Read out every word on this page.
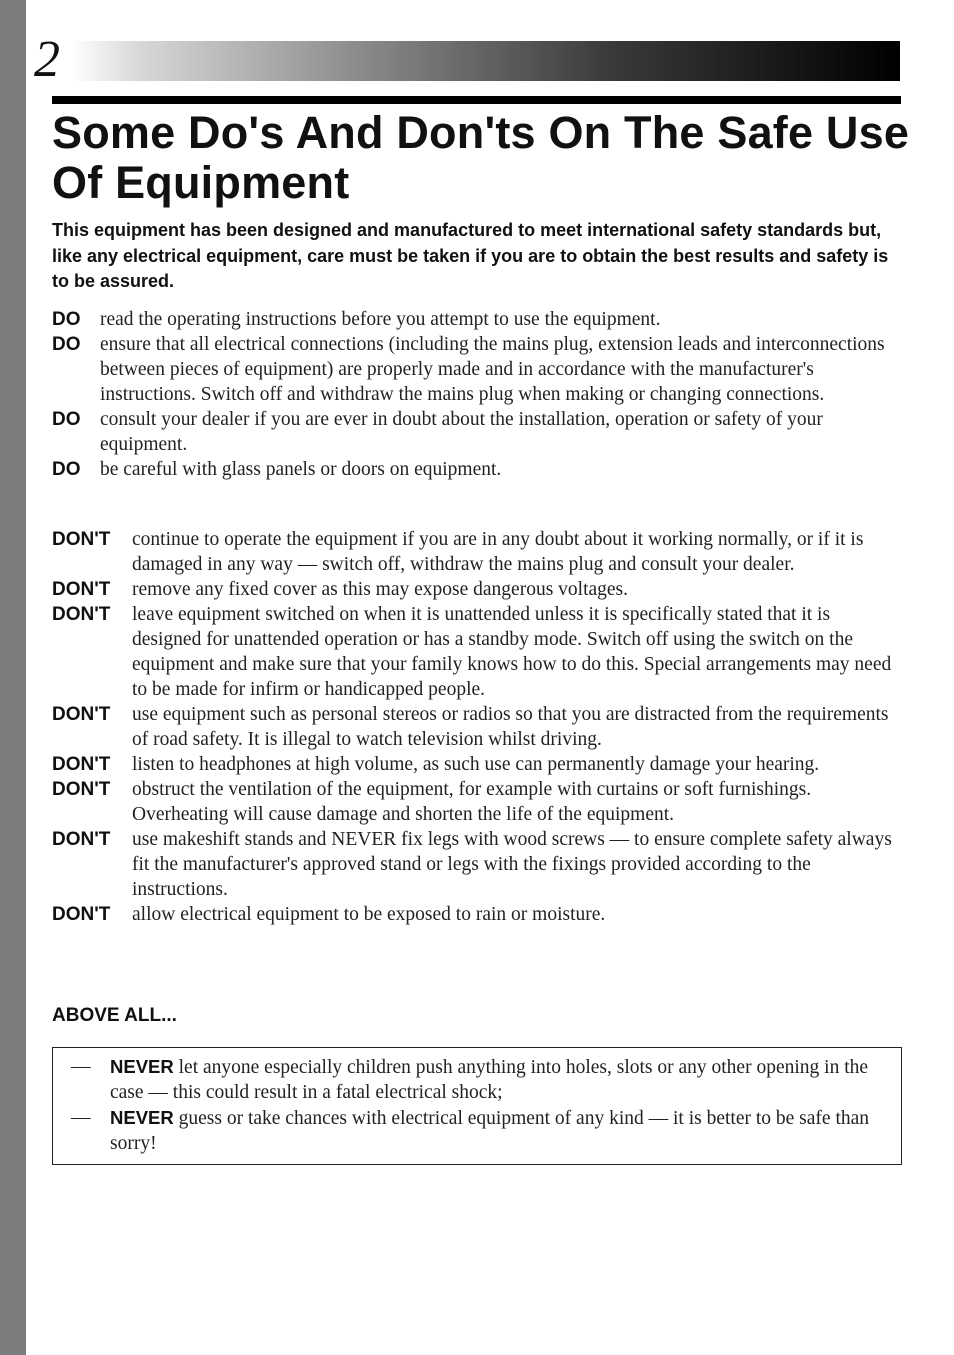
2
Some Do's And Don'ts On The Safe Use Of Equipment

This equipment has been designed and manufactured to meet international safety standards but, like any electrical equipment, care must be taken if you are to obtain the best results and safety is to be assured.

DO read the operating instructions before you attempt to use the equipment.
DO ensure that all electrical connections (including the mains plug, extension leads and interconnections between pieces of equipment) are properly made and in accordance with the manufacturer's instructions. Switch off and withdraw the mains plug when making or changing connections.
DO consult your dealer if you are ever in doubt about the installation, operation or safety of your equipment.
DO be careful with glass panels or doors on equipment.
DON'T continue to operate the equipment if you are in any doubt about it working normally, or if it is damaged in any way — switch off, withdraw the mains plug and consult your dealer.
DON'T remove any fixed cover as this may expose dangerous voltages.
DON'T leave equipment switched on when it is unattended unless it is specifically stated that it is designed for unattended operation or has a standby mode. Switch off using the switch on the equipment and make sure that your family knows how to do this. Special arrangements may need to be made for infirm or handicapped people.
DON'T use equipment such as personal stereos or radios so that you are distracted from the requirements of road safety. It is illegal to watch television whilst driving.
DON'T listen to headphones at high volume, as such use can permanently damage your hearing.
DON'T obstruct the ventilation of the equipment, for example with curtains or soft furnishings. Overheating will cause damage and shorten the life of the equipment.
DON'T use makeshift stands and NEVER fix legs with wood screws — to ensure complete safety always fit the manufacturer's approved stand or legs with the fixings provided according to the instructions.
DON'T allow electrical equipment to be exposed to rain or moisture.
ABOVE ALL...
— NEVER let anyone especially children push anything into holes, slots or any other opening in the case — this could result in a fatal electrical shock;
— NEVER guess or take chances with electrical equipment of any kind — it is better to be safe than sorry!
